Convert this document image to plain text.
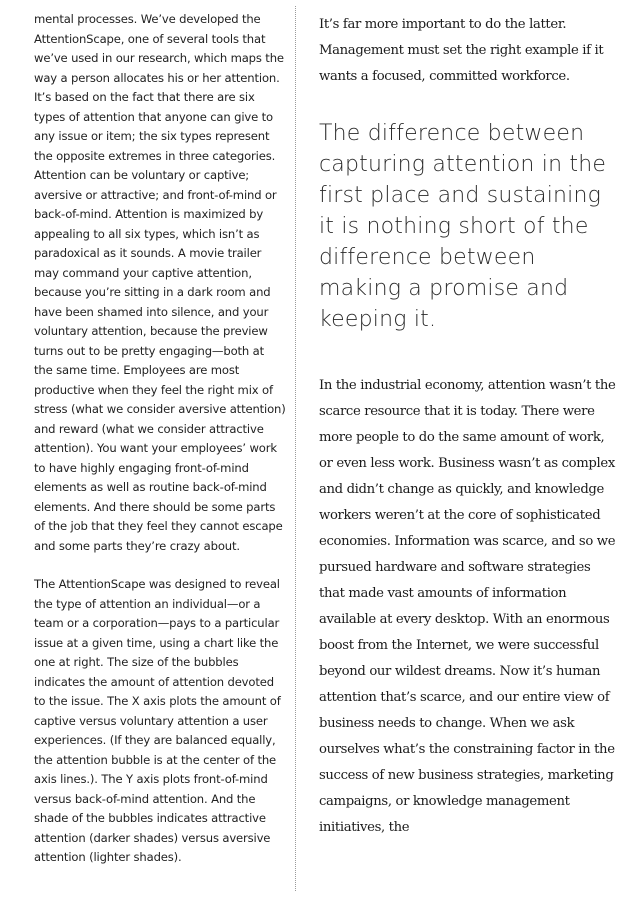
mental processes. We’ve developed the AttentionScape, one of several tools that we’ve used in our research, which maps the way a person allocates his or her attention. It’s based on the fact that there are six types of attention that anyone can give to any issue or item; the six types represent the opposite extremes in three categories. Attention can be voluntary or captive; aversive or attractive; and front-of-mind or back-of-mind. Attention is maximized by appealing to all six types, which isn’t as paradoxical as it sounds. A movie trailer may command your captive attention, because you’re sitting in a dark room and have been shamed into silence, and your voluntary attention, because the preview turns out to be pretty engaging—both at the same time. Employees are most productive when they feel the right mix of stress (what we consider aversive attention) and reward (what we consider attractive attention). You want your employees’ work to have highly engaging front-of-mind elements as well as routine back-of-mind elements. And there should be some parts of the job that they feel they cannot escape and some parts they’re crazy about.

The AttentionScape was designed to reveal the type of attention an individual—or a team or a corporation—pays to a particular issue at a given time, using a chart like the one at right. The size of the bubbles indicates the amount of attention devoted to the issue. The X axis plots the amount of captive versus voluntary attention a user experiences. (If they are balanced equally, the attention bubble is at the center of the axis lines.). The Y axis plots front-of-mind versus back-of-mind attention. And the shade of the bubbles indicates attractive attention (darker shades) versus aversive attention (lighter shades).

It’s far more important to do the latter. Management must set the right example if it wants a focused, committed workforce.

The difference between capturing attention in the first place and sustaining it is nothing short of the difference between making a promise and keeping it.

In the industrial economy, attention wasn’t the scarce resource that it is today. There were more people to do the same amount of work, or even less work. Business wasn’t as complex and didn’t change as quickly, and knowledge workers weren’t at the core of sophisticated economies. Information was scarce, and so we pursued hardware and software strategies that made vast amounts of information available at every desktop. With an enormous boost from the Internet, we were successful beyond our wildest dreams. Now it’s human attention that’s scarce, and our entire view of business needs to change. When we ask ourselves what’s the constraining factor in the success of new business strategies, marketing campaigns, or knowledge management initiatives, the
